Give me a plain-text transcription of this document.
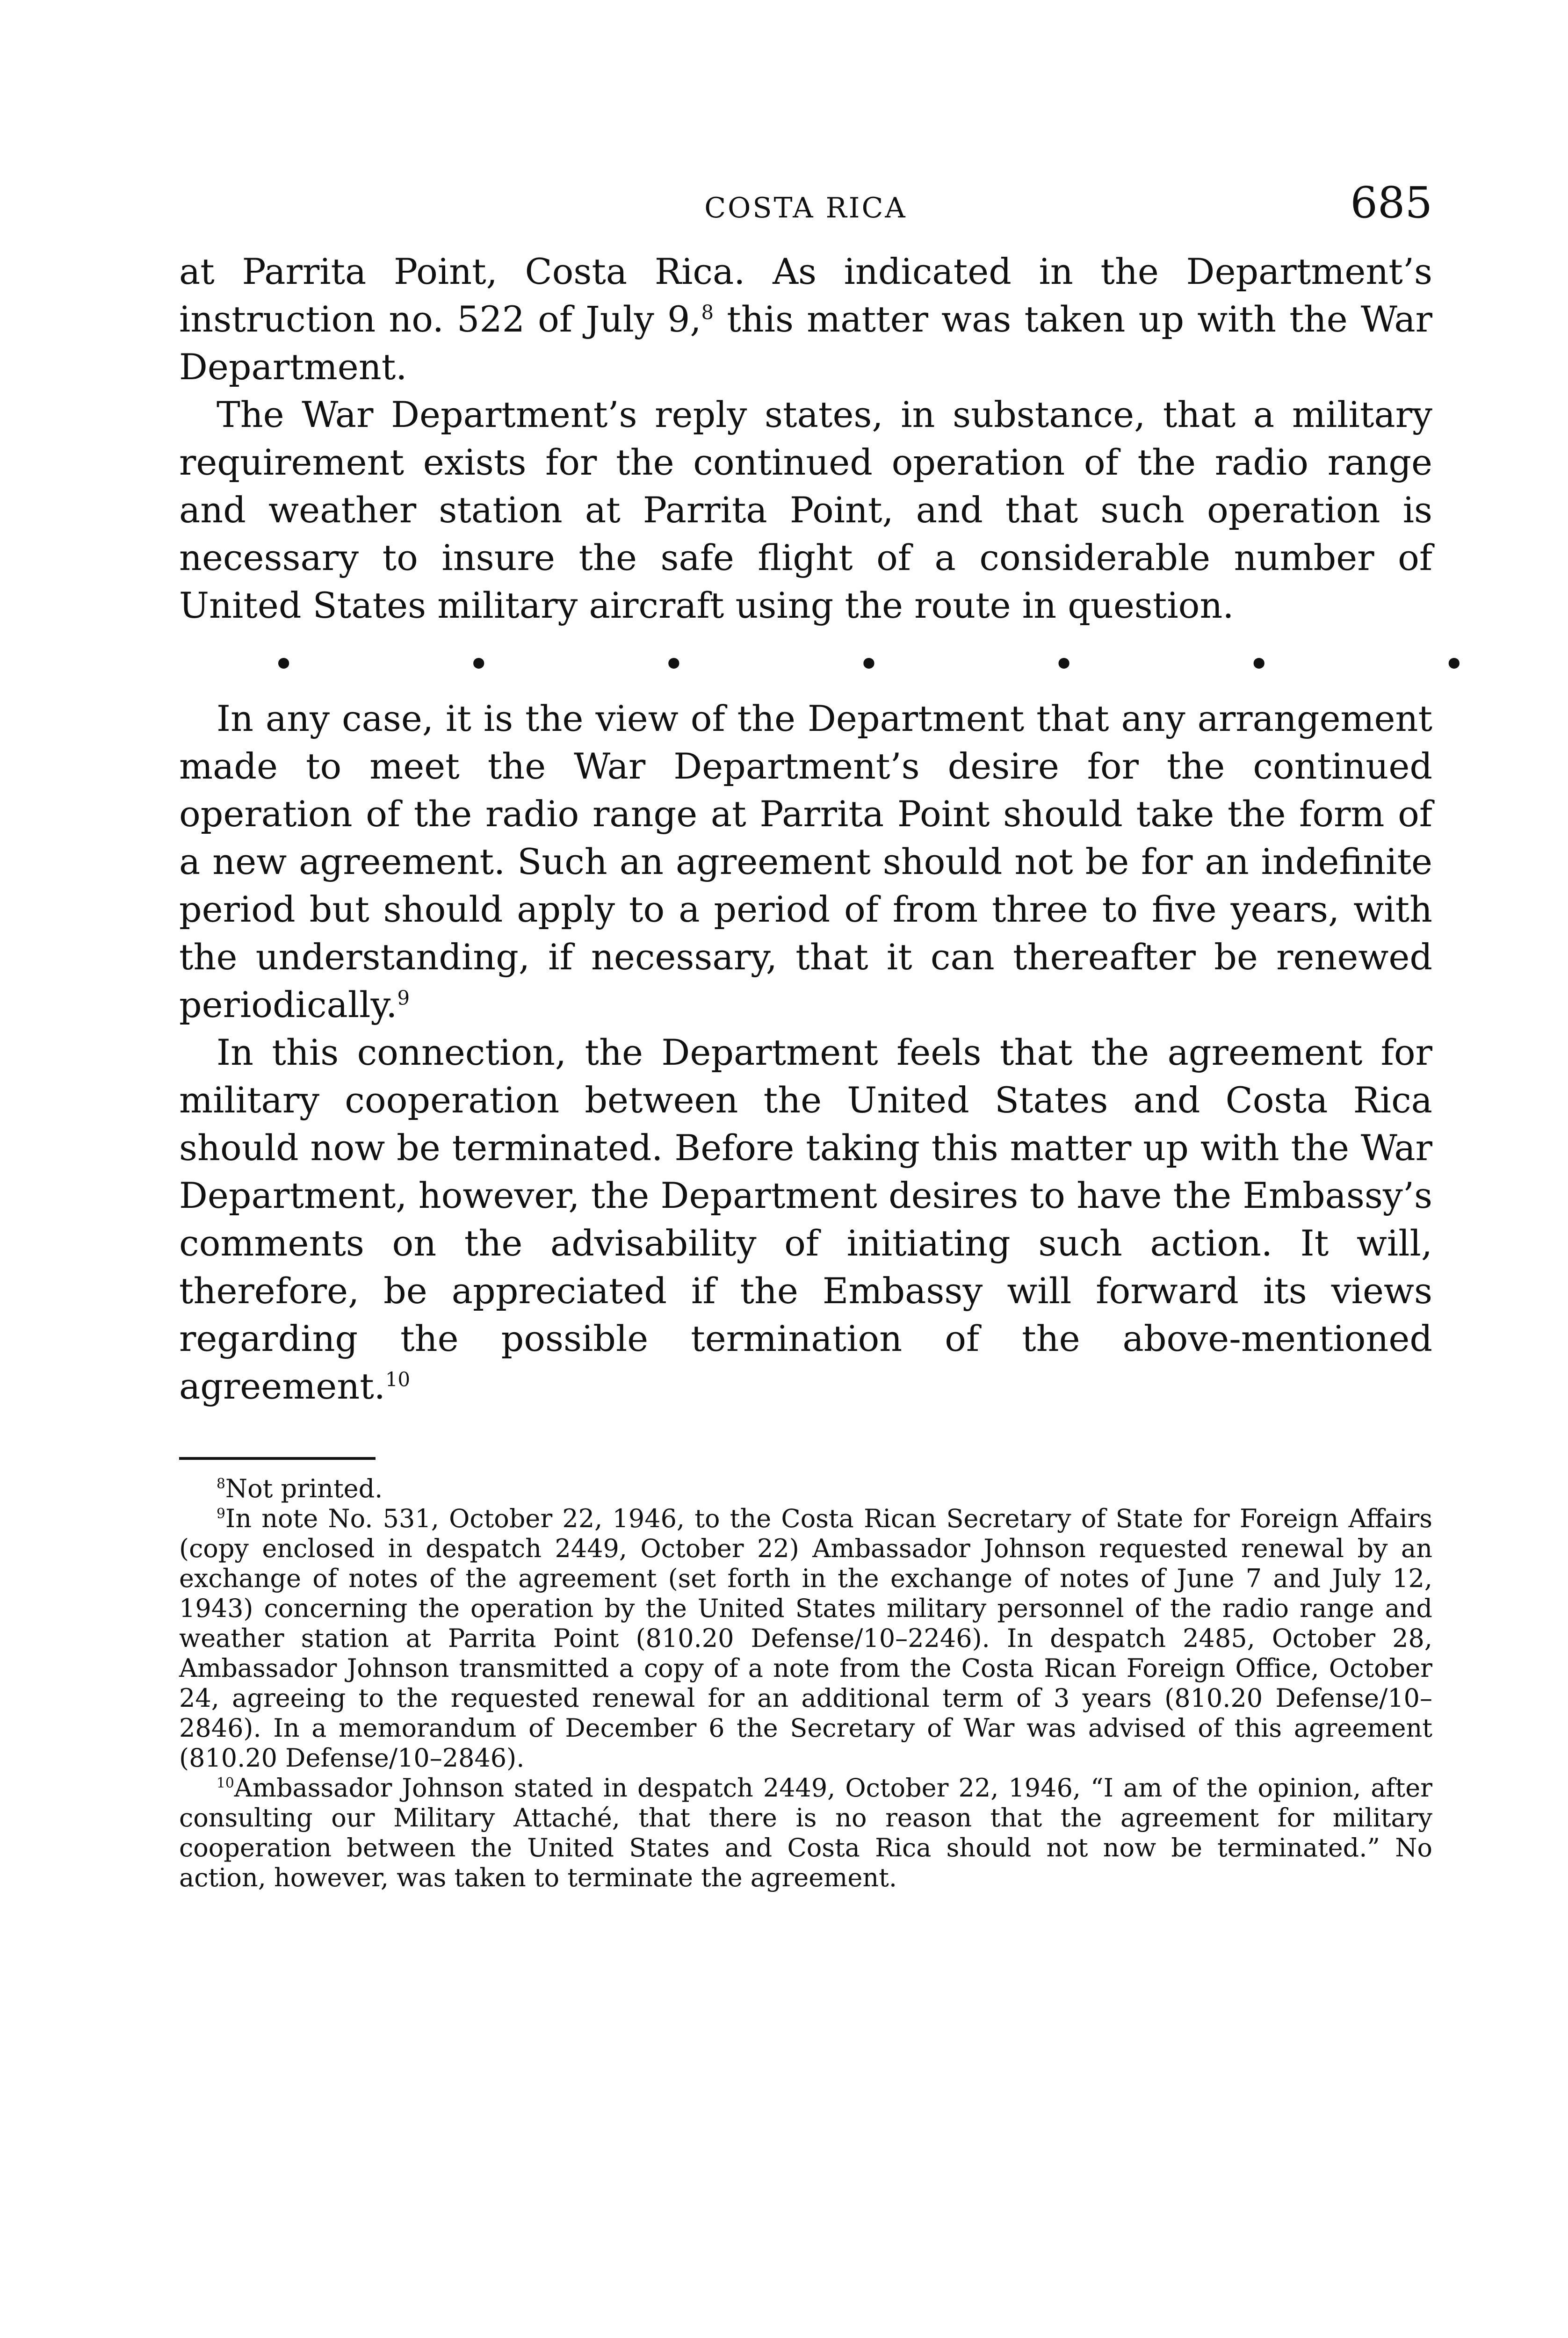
COSTA RICA	685

at Parrita Point, Costa Rica. As indicated in the Department’s instruction no. 522 of July 9,$^8$ this matter was taken up with the War Department.

The War Department’s reply states, in substance, that a military requirement exists for the continued operation of the radio range and weather station at Parrita Point, and that such operation is necessary to insure the safe flight of a considerable number of United States military aircraft using the route in question.

•	•	•	•	•	•	•

In any case, it is the view of the Department that any arrangement made to meet the War Department’s desire for the continued operation of the radio range at Parrita Point should take the form of a new agreement. Such an agreement should not be for an indefinite period but should apply to a period of from three to five years, with the understanding, if necessary, that it can thereafter be renewed periodically.$^9$

In this connection, the Department feels that the agreement for military cooperation between the United States and Costa Rica should now be terminated. Before taking this matter up with the War Department, however, the Department desires to have the Embassy’s comments on the advisability of initiating such action. It will, therefore, be appreciated if the Embassy will forward its views regarding the possible termination of the above-mentioned agreement.$^{10}$

$^8$Not printed.

$^9$In note No. 531, October 22, 1946, to the Costa Rican Secretary of State for Foreign Affairs (copy enclosed in despatch 2449, October 22) Ambassador Johnson requested renewal by an exchange of notes of the agreement (set forth in the exchange of notes of June 7 and July 12, 1943) concerning the operation by the United States military personnel of the radio range and weather station at Parrita Point (810.20 Defense/10–2246). In despatch 2485, October 28, Ambassador Johnson transmitted a copy of a note from the Costa Rican Foreign Office, October 24, agreeing to the requested renewal for an additional term of 3 years (810.20 Defense/10–2846). In a memorandum of December 6 the Secretary of War was advised of this agreement (810.20 Defense/10–2846).

$^{10}$Ambassador Johnson stated in despatch 2449, October 22, 1946, “I am of the opinion, after consulting our Military Attaché, that there is no reason that the agreement for military cooperation between the United States and Costa Rica should not now be terminated.” No action, however, was taken to terminate the agreement.
